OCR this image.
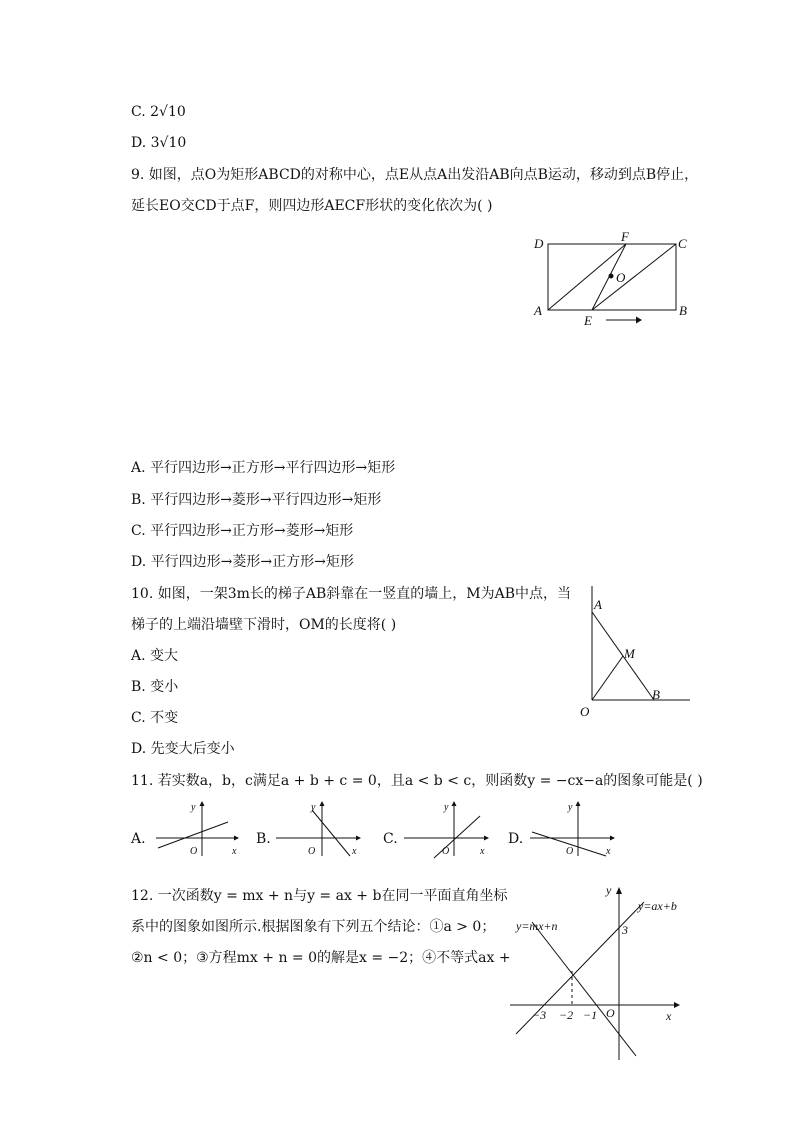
C. 2√10
D. 3√10
9. 如图，点O为矩形ABCD的对称中心，点E从点A出发沿AB向点B运动，移动到点B停止，
延长EO交CD于点F，则四边形AECF形状的变化依次为( )
D	F	C
O
A
E
B
A. 平行四边形→正方形→平行四边形→矩形
B. 平行四边形→菱形→平行四边形→矩形
C. 平行四边形→正方形→菱形→矩形
D. 平行四边形→菱形→正方形→矩形
10. 如图，一架3m长的梯子AB斜靠在一竖直的墙上，M为AB中点，当
梯子的上端沿墙壁下滑时，OM的长度将( )
A
M
B
O
A. 变大
B. 变小
C. 不变
D. 先变大后变小
11. 若实数a，b，c满足a + b + c = 0，且a < b < c，则函数y = −cx−a的图象可能是( )
A.
y
x
O
B.
y
x
O
C.
y
x
O
D.
y
x
O
12. 一次函数y = mx + n与y = ax + b在同一平面直角坐标
系中的图象如图所示.根据图象有下列五个结论：①a > 0；
②n < 0；③方程mx + n = 0的解是x = −2；④不等式ax +
y
y=ax+b
y=mx+n	3
x
O
−3 −2 −1
